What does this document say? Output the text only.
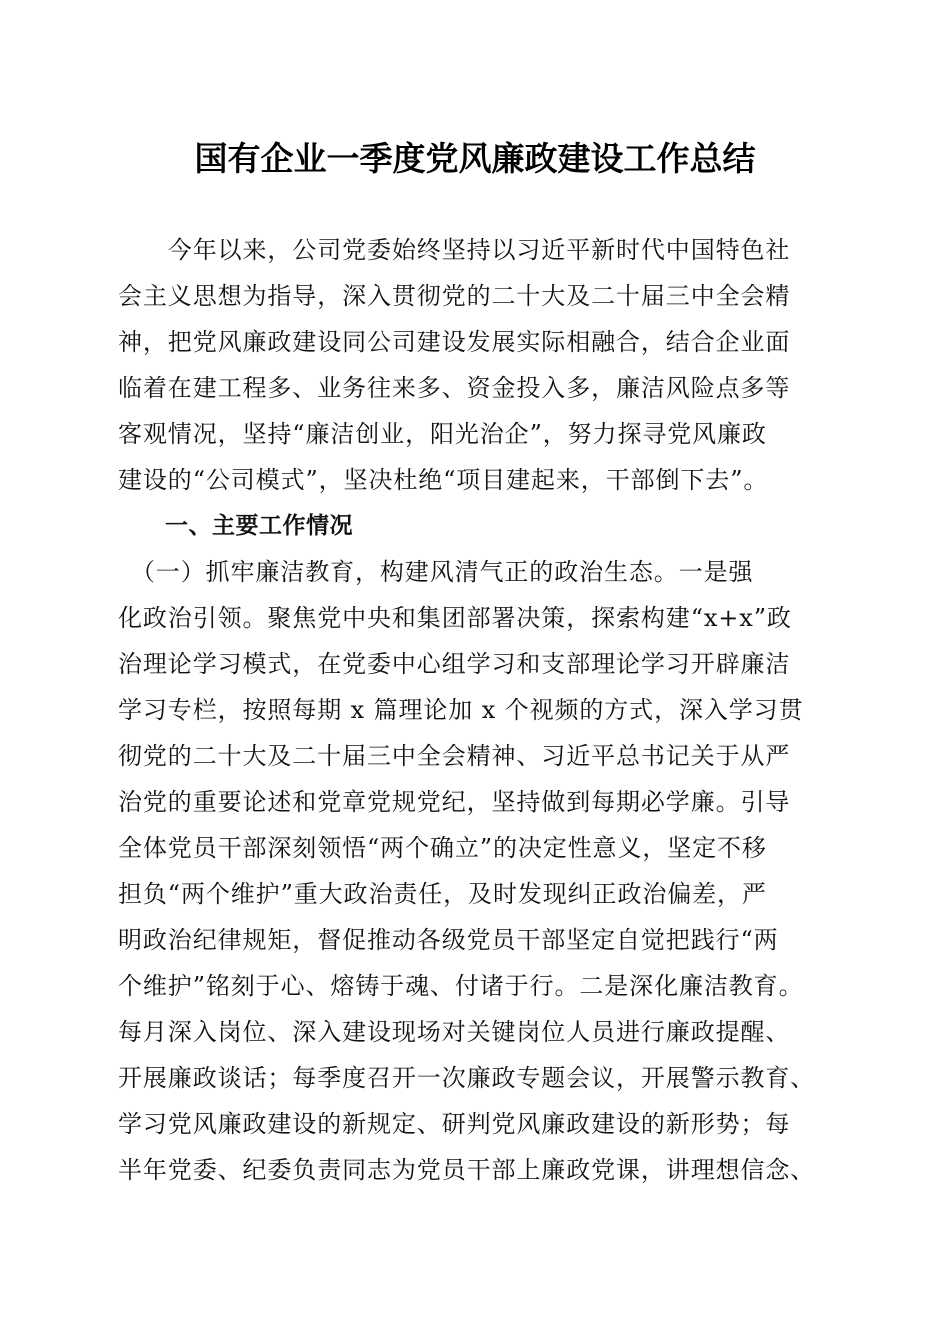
国有企业一季度党风廉政建设工作总结
　　今年以来，公司党委始终坚持以习近平新时代中国特色社
会主义思想为指导，深入贯彻党的二十大及二十届三中全会精
神，把党风廉政建设同公司建设发展实际相融合，结合企业面
临着在建工程多、业务往来多、资金投入多，廉洁风险点多等
客观情况，坚持“廉洁创业，阳光治企”，努力探寻党风廉政
建设的“公司模式”，坚决杜绝“项目建起来，干部倒下去”。
　　一、主要工作情况
　（一）抓牢廉洁教育，构建风清气正的政治生态。一是强
化政治引领。聚焦党中央和集团部署决策，探索构建“x+x”政
治理论学习模式，在党委中心组学习和支部理论学习开辟廉洁
学习专栏，按照每期 x 篇理论加 x 个视频的方式，深入学习贯
彻党的二十大及二十届三中全会精神、习近平总书记关于从严
治党的重要论述和党章党规党纪，坚持做到每期必学廉。引导
全体党员干部深刻领悟“两个确立”的决定性意义，坚定不移
担负“两个维护”重大政治责任，及时发现纠正政治偏差，严
明政治纪律规矩，督促推动各级党员干部坚定自觉把践行“两
个维护”铭刻于心、熔铸于魂、付诸于行。二是深化廉洁教育。
每月深入岗位、深入建设现场对关键岗位人员进行廉政提醒、
开展廉政谈话；每季度召开一次廉政专题会议，开展警示教育、
学习党风廉政建设的新规定、研判党风廉政建设的新形势；每
半年党委、纪委负责同志为党员干部上廉政党课，讲理想信念、
